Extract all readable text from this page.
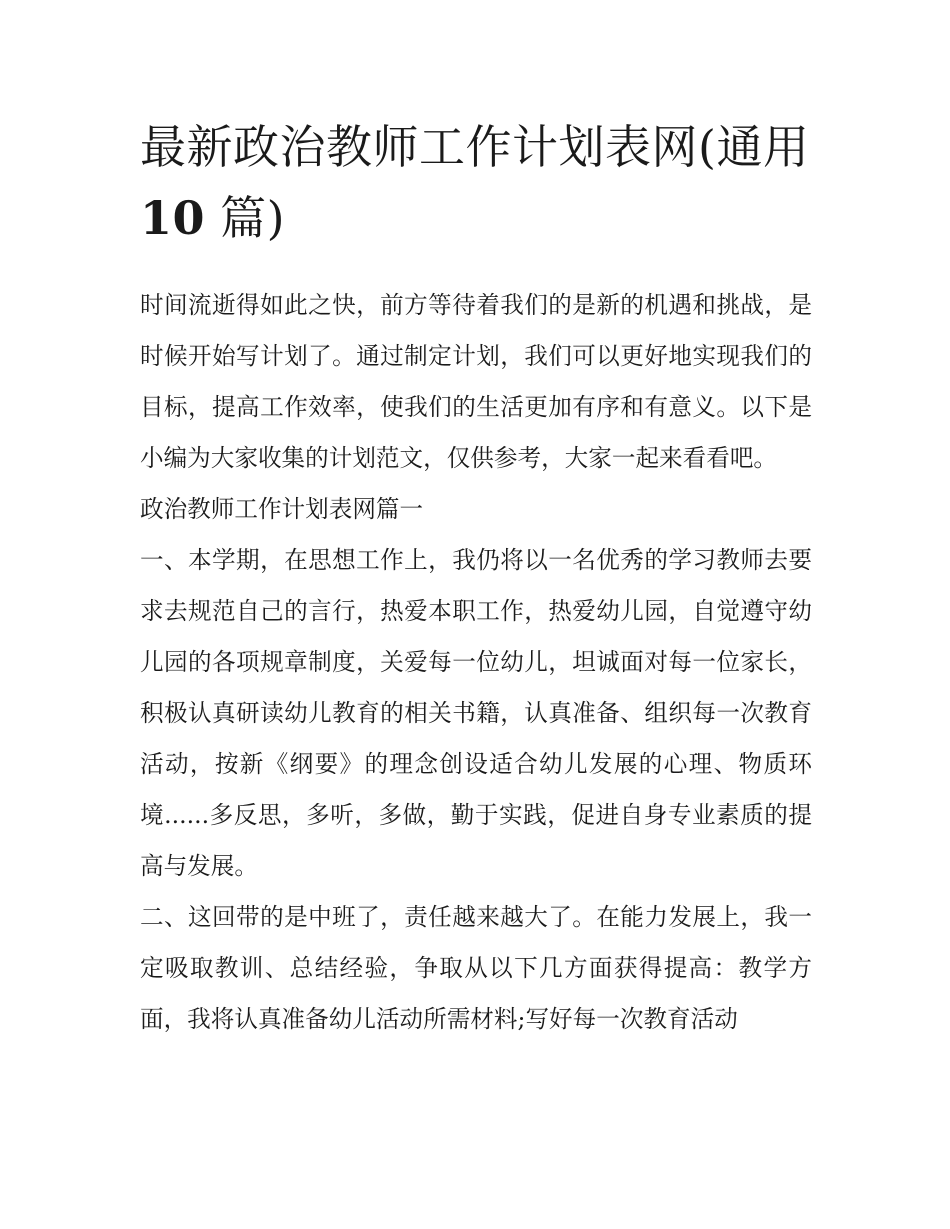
最新政治教师工作计划表网(通用
10 篇)

时间流逝得如此之快，前方等待着我们的是新的机遇和挑战，是时候开始写计划了。通过制定计划，我们可以更好地实现我们的目标，提高工作效率，使我们的生活更加有序和有意义。以下是小编为大家收集的计划范文，仅供参考，大家一起来看看吧。

政治教师工作计划表网篇一

一、本学期，在思想工作上，我仍将以一名优秀的学习教师去要求去规范自己的言行，热爱本职工作，热爱幼儿园，自觉遵守幼儿园的各项规章制度，关爱每一位幼儿，坦诚面对每一位家长，积极认真研读幼儿教育的相关书籍，认真准备、组织每一次教育活动，按新《纲要》的理念创设适合幼儿发展的心理、物质环境......多反思，多听，多做，勤于实践，促进自身专业素质的提高与发展。

二、这回带的是中班了，责任越来越大了。在能力发展上，我一定吸取教训、总结经验，争取从以下几方面获得提高：教学方面，我将认真准备幼儿活动所需材料;写好每一次教育活动
